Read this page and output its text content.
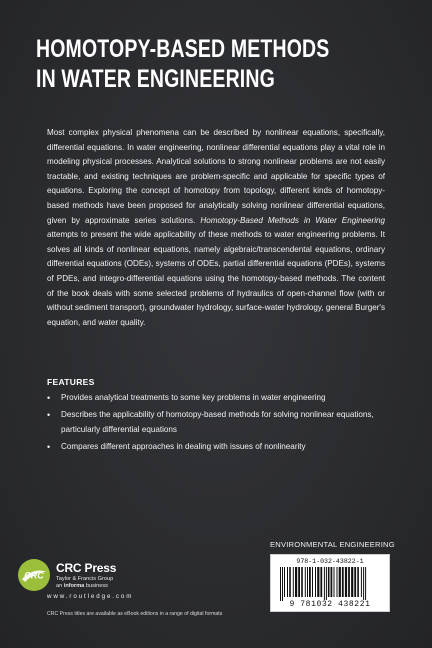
HOMOTOPY-BASED METHODS
IN WATER ENGINEERING
Most complex physical phenomena can be described by nonlinear equations, specifically, differential equations. In water engineering, nonlinear differential equations play a vital role in modeling physical processes. Analytical solutions to strong nonlinear problems are not easily tractable, and existing techniques are problem-specific and applicable for specific types of equations. Exploring the concept of homotopy from topology, different kinds of homotopy-based methods have been proposed for analytically solving nonlinear differential equations, given by approximate series solutions. Homotopy-Based Methods in Water Engineering attempts to present the wide applicability of these methods to water engineering problems. It solves all kinds of nonlinear equations, namely algebraic/transcendental equations, ordinary differential equations (ODEs), systems of ODEs, partial differential equations (PDEs), systems of PDEs, and integro-differential equations using the homotopy-based methods. The content of the book deals with some selected problems of hydraulics of open-channel flow (with or without sediment transport), groundwater hydrology, surface-water hydrology, general Burger's equation, and water quality.
FEATURES
• Provides analytical treatments to some key problems in water engineering
• Describes the applicability of homotopy-based methods for solving nonlinear equations, particularly differential equations
• Compares different approaches in dealing with issues of nonlinearity
ENVIRONMENTAL ENGINEERING
978-1-032-43822-1
9 781032 438221
CRC
CRC Press
Taylor & Francis Group
an informa business
www.routledge.com
CRC Press titles are available as eBook editions in a range of digital formats
